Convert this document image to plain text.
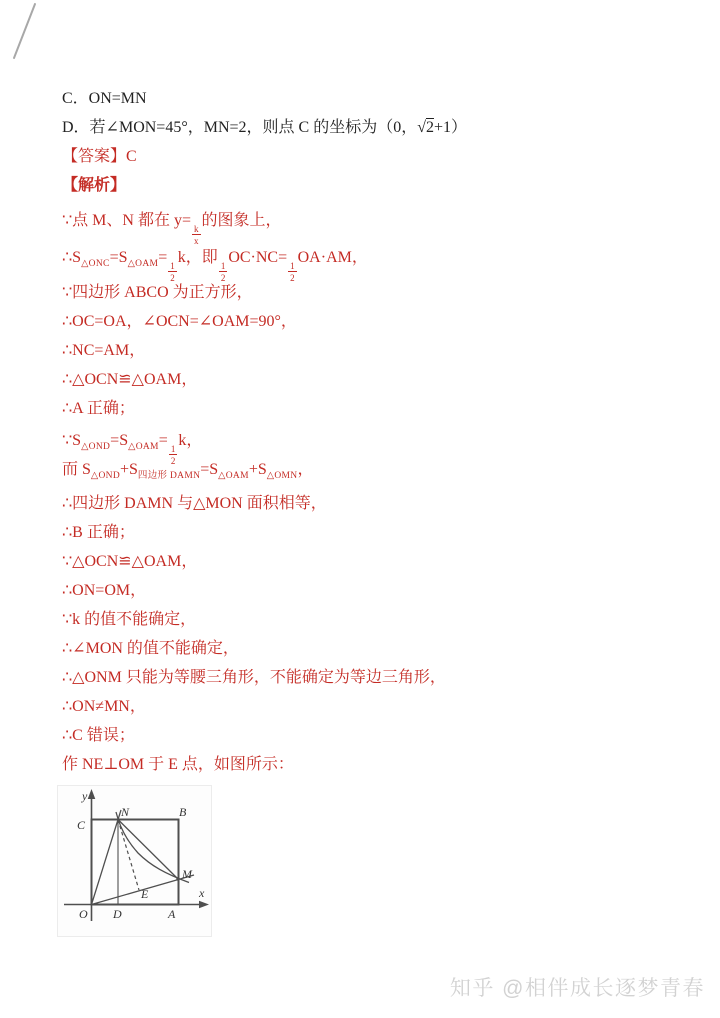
C．ON=MN

D．若∠MON=45°，MN=2，则点 C 的坐标为（0，√2+1）

【答案】C

【解析】

∵点 M、N 都在 y=
$\frac{k}{x}$
的图象上，

$\therefore S_{\triangle ONC}=S_{\triangle OAM}=$
$\frac{1}{2}$
k，即
$\frac{1}{2}$
OC·NC=
$\frac{1}{2}$
OA·AM，

∵四边形 ABCO 为正方形，

∴OC=OA，∠OCN=∠OAM=90°，

∴NC=AM，

∴△OCN≌△OAM，

∴A 正确；

$\because S_{\triangle OND}=S_{\triangle OAM}=$
$\frac{1}{2}$
k，

而 $S_{\triangle OND}+S_{四边形 DAMN}=S_{\triangle OAM}+S_{\triangle OMN}$，

∴四边形 DAMN 与△MON 面积相等，

∴B 正确；

∵△OCN≌△OAM，

∴ON=OM，

∵k 的值不能确定，

∴∠MON 的值不能确定，

∴△ONM 只能为等腰三角形，不能确定为等边三角形，

∴ON≠MN，

∴C 错误；

作 NE⊥OM 于 E 点，如图所示：

y
x
C
N	B
M
E
O D	A
知乎 @相伴成长逐梦青春
